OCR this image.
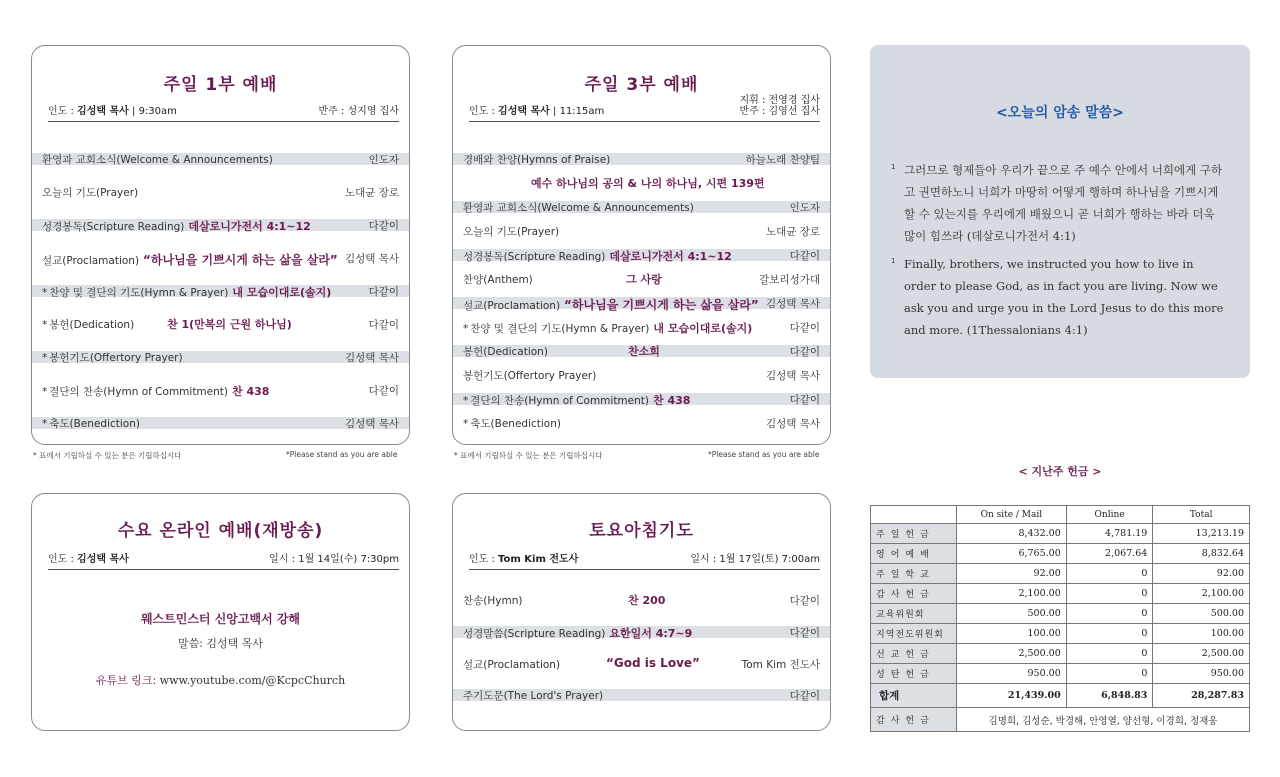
주일 1부 예배
인도 : 김성택 목사 | 9:30am	반주 : 성지영 집사
환영과 교회소식(Welcome & Announcements)	인도자
오늘의 기도(Prayer)	노대균 장로
성경봉독(Scripture Reading) 데살로니가전서 4:1~12	다같이
설교(Proclamation) “하나님을 기쁘시게 하는 삶을 살라” 김성택 목사
* 찬양 및 결단의 기도(Hymn & Prayer) 내 모습이대로(솔지)	다같이
* 봉헌(Dedication)	찬 1(만복의 근원 하나님)	다같이
* 봉헌기도(Offertory Prayer)	김성택 목사
* 결단의 찬송(Hymn of Commitment) 찬 438	다같이
* 축도(Benediction)	김성택 목사
* 표에서 기립하실 수 있는 분은 기립하십시다	*Please stand as you are able
주일 3부 예배
인도 : 김성택 목사 | 11:15am
지휘 : 전영경 집사
반주 : 김영선 집사
경배와 찬양(Hymns of Praise)	하늘노래 찬양팀
예수 하나님의 공의 & 나의 하나님, 시편 139편
환영과 교회소식(Welcome & Announcements)	인도자
오늘의 기도(Prayer)	노대균 장로
성경봉독(Scripture Reading) 데살로니가전서 4:1~12	다같이
찬양(Anthem)	그 사랑	갈보리성가대
설교(Proclamation) “하나님을 기쁘시게 하는 삶을 살라” 김성택 목사
* 찬양 및 결단의 기도(Hymn & Prayer) 내 모습이대로(솔지)	다같이
봉헌(Dedication)	찬소희	다같이
봉헌기도(Offertory Prayer)	김성택 목사
* 결단의 찬송(Hymn of Commitment) 찬 438	다같이
* 축도(Benediction)	김성택 목사
* 표에서 기립하실 수 있는 분은 기립하십시다	*Please stand as you are able
수요 온라인 예배(재방송)
인도 : 김성택 목사	일시 : 1월 14일(수) 7:30pm
웨스트민스터 신앙고백서 강해
말씀: 김성택 목사
유튜브 링크: www.youtube.com/@KcpcChurch
토요아침기도
인도 : Tom Kim 전도사	일시 : 1월 17일(토) 7:00am
찬송(Hymn)	찬 200	다같이
성경말씀(Scripture Reading) 요한일서 4:7~9	다같이
설교(Proclamation)	“God is Love”	Tom Kim 전도사
주기도문(The Lord's Prayer)	다같이
<오늘의 암송 말씀>
1 그러므로 형제들아 우리가 끝으로 주 예수 안에서 너희에게 구하고 권면하노니 너희가 마땅히 어떻게 행하며 하나님을 기쁘시게 할 수 있는지를 우리에게 배웠으니 곧 너희가 행하는 바라 더욱 많이 힘쓰라 (데살로니가전서 4:1)
1 Finally, brothers, we instructed you how to live in order to please God, as in fact you are living. Now we ask you and urge you in the Lord Jesus to do this more and more. (1Thessalonians 4:1)
< 지난주 헌금 >
	On site / Mail	Online	Total
주일헌금	8,432.00	4,781.19	13,213.19
영어예배	6,765.00	2,067.64	8,832.64
주일학교	92.00	0	92.00
감사헌금	2,100.00	0	2,100.00
교육위원회	500.00	0	500.00
지역전도위원회	100.00	0	100.00
선교헌금	2,500.00	0	2,500.00
성탄헌금	950.00	0	950.00
합계	21,439.00	6,848.83	28,287.83
감사헌금	김명희, 김성순, 박경해, 안영열, 양선형, 이경희, 정재웅		
